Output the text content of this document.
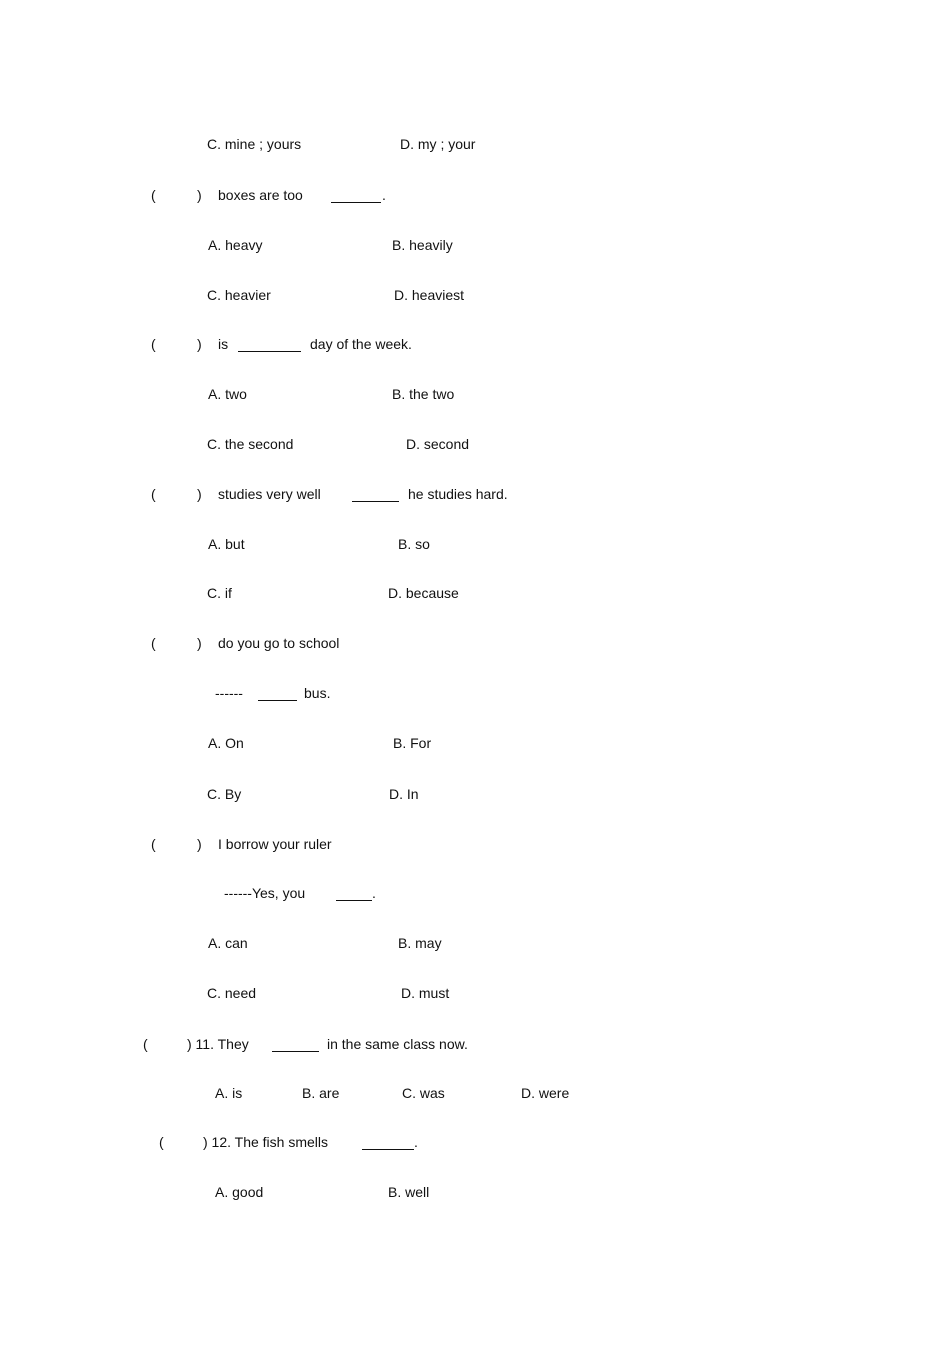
C. mine ; yours	D. my ; your
(	) boxes are too	.
A. heavy	B. heavily
C. heavier	D. heaviest
(	) is	day of the week.
A. two	B. the two
C. the second	D. second
(	) studies very well	he studies hard.
A. but	B. so
C. if	D. because
(	) do you go to school
------	bus.
A. On	B. For
C. By	D. In
(	) I borrow your ruler
------Yes, you	.
A. can	B. may
C. need	D. must
(	) 11. They	in the same class now.
A. is	B. are	C. was	D. were
(	) 12. The fish smells	.
A. good	B. well
